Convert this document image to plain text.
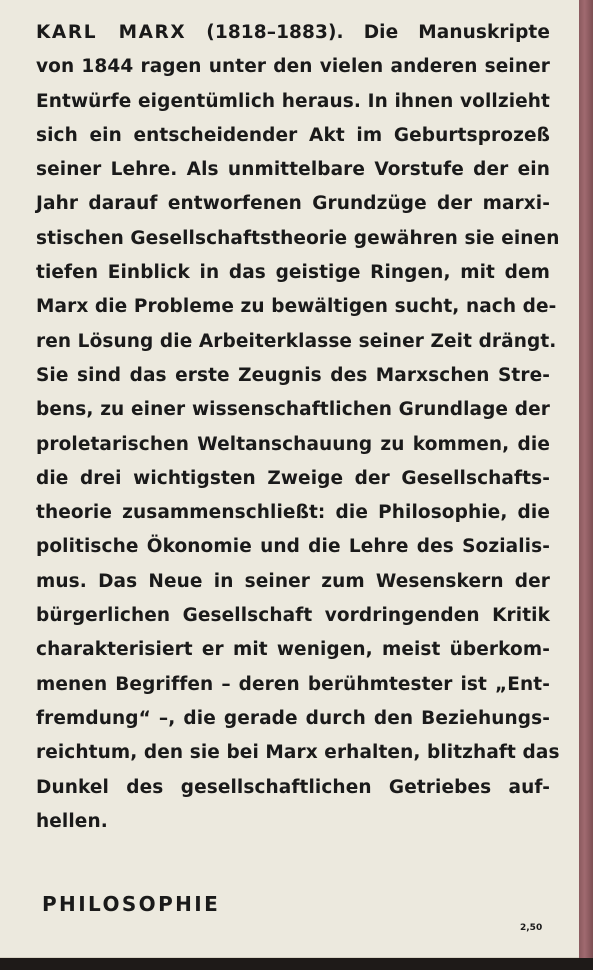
KARL MARX (1818–1883). Die Manuskripte
von 1844 ragen unter den vielen anderen seiner
Entwürfe eigentümlich heraus. In ihnen vollzieht
sich ein entscheidender Akt im Geburtsprozeß
seiner Lehre. Als unmittelbare Vorstufe der ein
Jahr darauf entworfenen Grundzüge der marxi-
stischen Gesellschaftstheorie gewähren sie einen
tiefen Einblick in das geistige Ringen, mit dem
Marx die Probleme zu bewältigen sucht, nach de-
ren Lösung die Arbeiterklasse seiner Zeit drängt.
Sie sind das erste Zeugnis des Marxschen Stre-
bens, zu einer wissenschaftlichen Grundlage der
proletarischen Weltanschauung zu kommen, die
die drei wichtigsten Zweige der Gesellschafts-
theorie zusammenschließt: die Philosophie, die
politische Ökonomie und die Lehre des Sozialis-
mus. Das Neue in seiner zum Wesenskern der
bürgerlichen Gesellschaft vordringenden Kritik
charakterisiert er mit wenigen, meist überkom-
menen Begriffen – deren berühmtester ist „Ent-
fremdung“ –, die gerade durch den Beziehungs-
reichtum, den sie bei Marx erhalten, blitzhaft das
Dunkel des gesellschaftlichen Getriebes auf-
hellen.
PHILOSOPHIE
2,50
